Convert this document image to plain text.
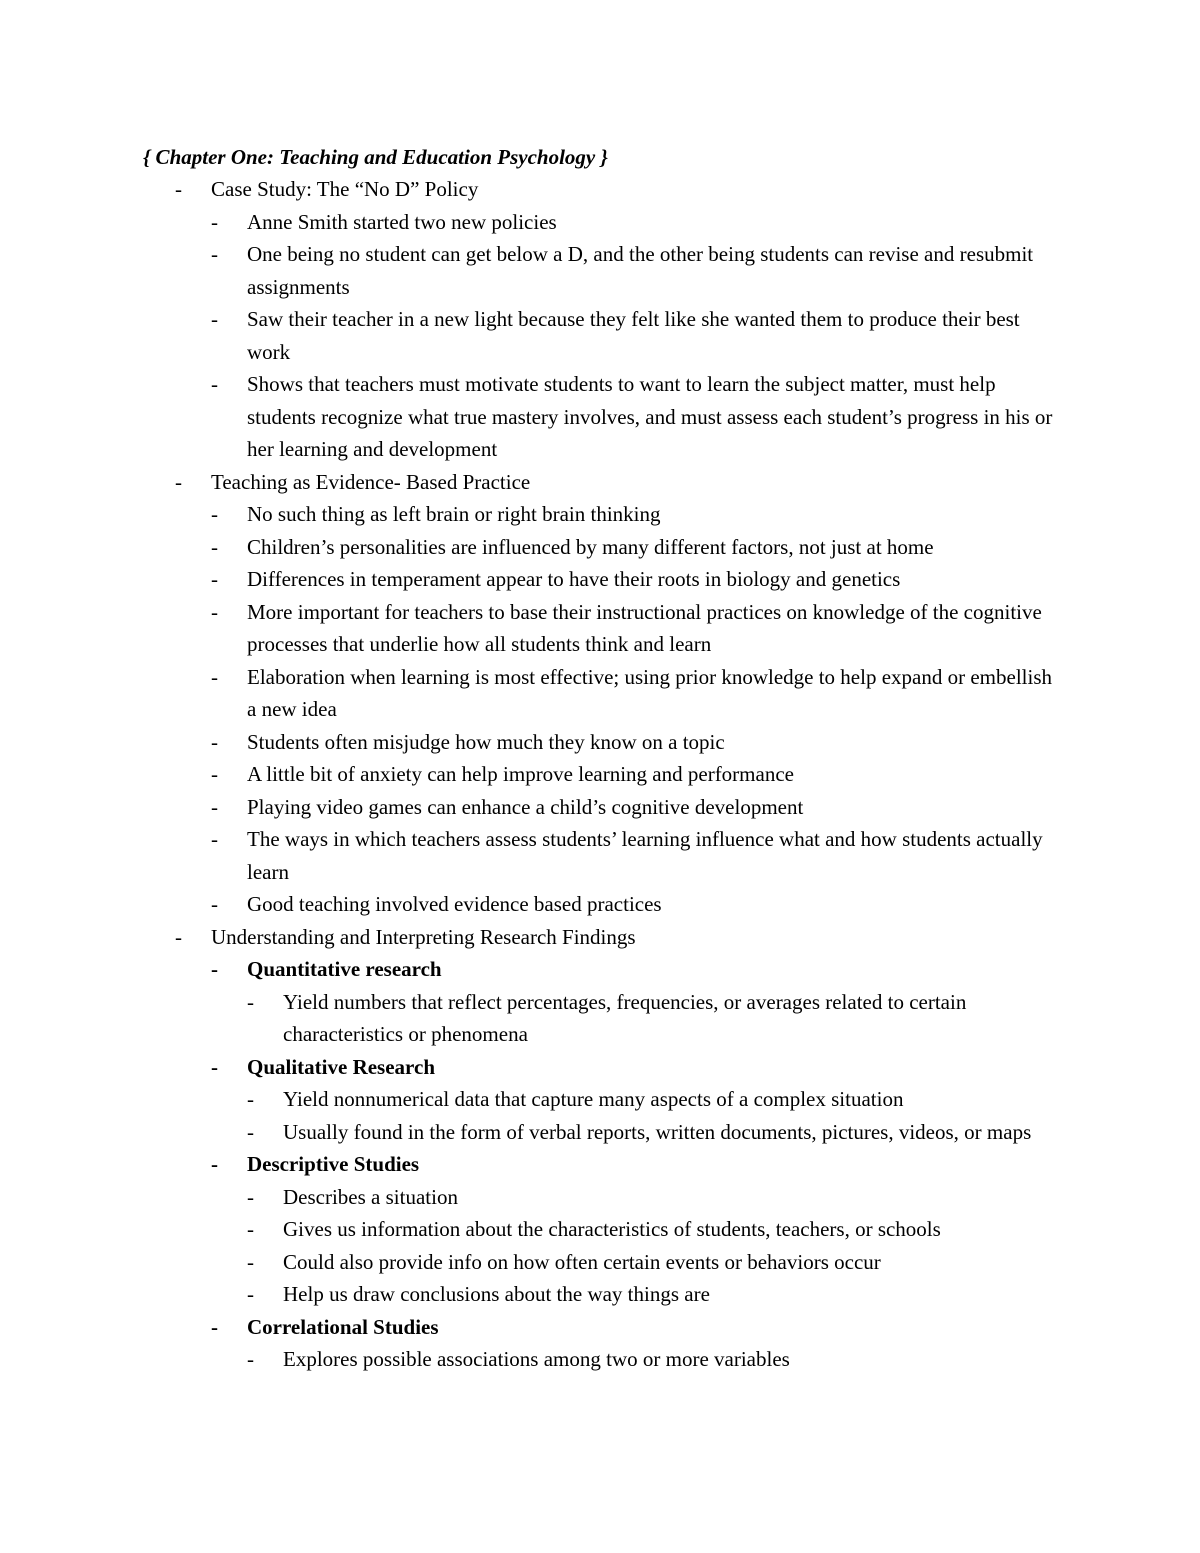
{ Chapter One: Teaching and Education Psychology }
- Case Study: The “No D” Policy
- Anne Smith started two new policies
- One being no student can get below a D, and the other being students can revise and resubmit assignments
- Saw their teacher in a new light because they felt like she wanted them to produce their best work
- Shows that teachers must motivate students to want to learn the subject matter, must help students recognize what true mastery involves, and must assess each student’s progress in his or her learning and development
- Teaching as Evidence- Based Practice
- No such thing as left brain or right brain thinking
- Children’s personalities are influenced by many different factors, not just at home
- Differences in temperament appear to have their roots in biology and genetics
- More important for teachers to base their instructional practices on knowledge of the cognitive processes that underlie how all students think and learn
- Elaboration when learning is most effective; using prior knowledge to help expand or embellish a new idea
- Students often misjudge how much they know on a topic
- A little bit of anxiety can help improve learning and performance
- Playing video games can enhance a child’s cognitive development
- The ways in which teachers assess students’ learning influence what and how students actually learn
- Good teaching involved evidence based practices
- Understanding and Interpreting Research Findings
- Quantitative research
- Yield numbers that reflect percentages, frequencies, or averages related to certain characteristics or phenomena
- Qualitative Research
- Yield nonnumerical data that capture many aspects of a complex situation
- Usually found in the form of verbal reports, written documents, pictures, videos, or maps
- Descriptive Studies
- Describes a situation
- Gives us information about the characteristics of students, teachers, or schools
- Could also provide info on how often certain events or behaviors occur
- Help us draw conclusions about the way things are
- Correlational Studies
- Explores possible associations among two or more variables
